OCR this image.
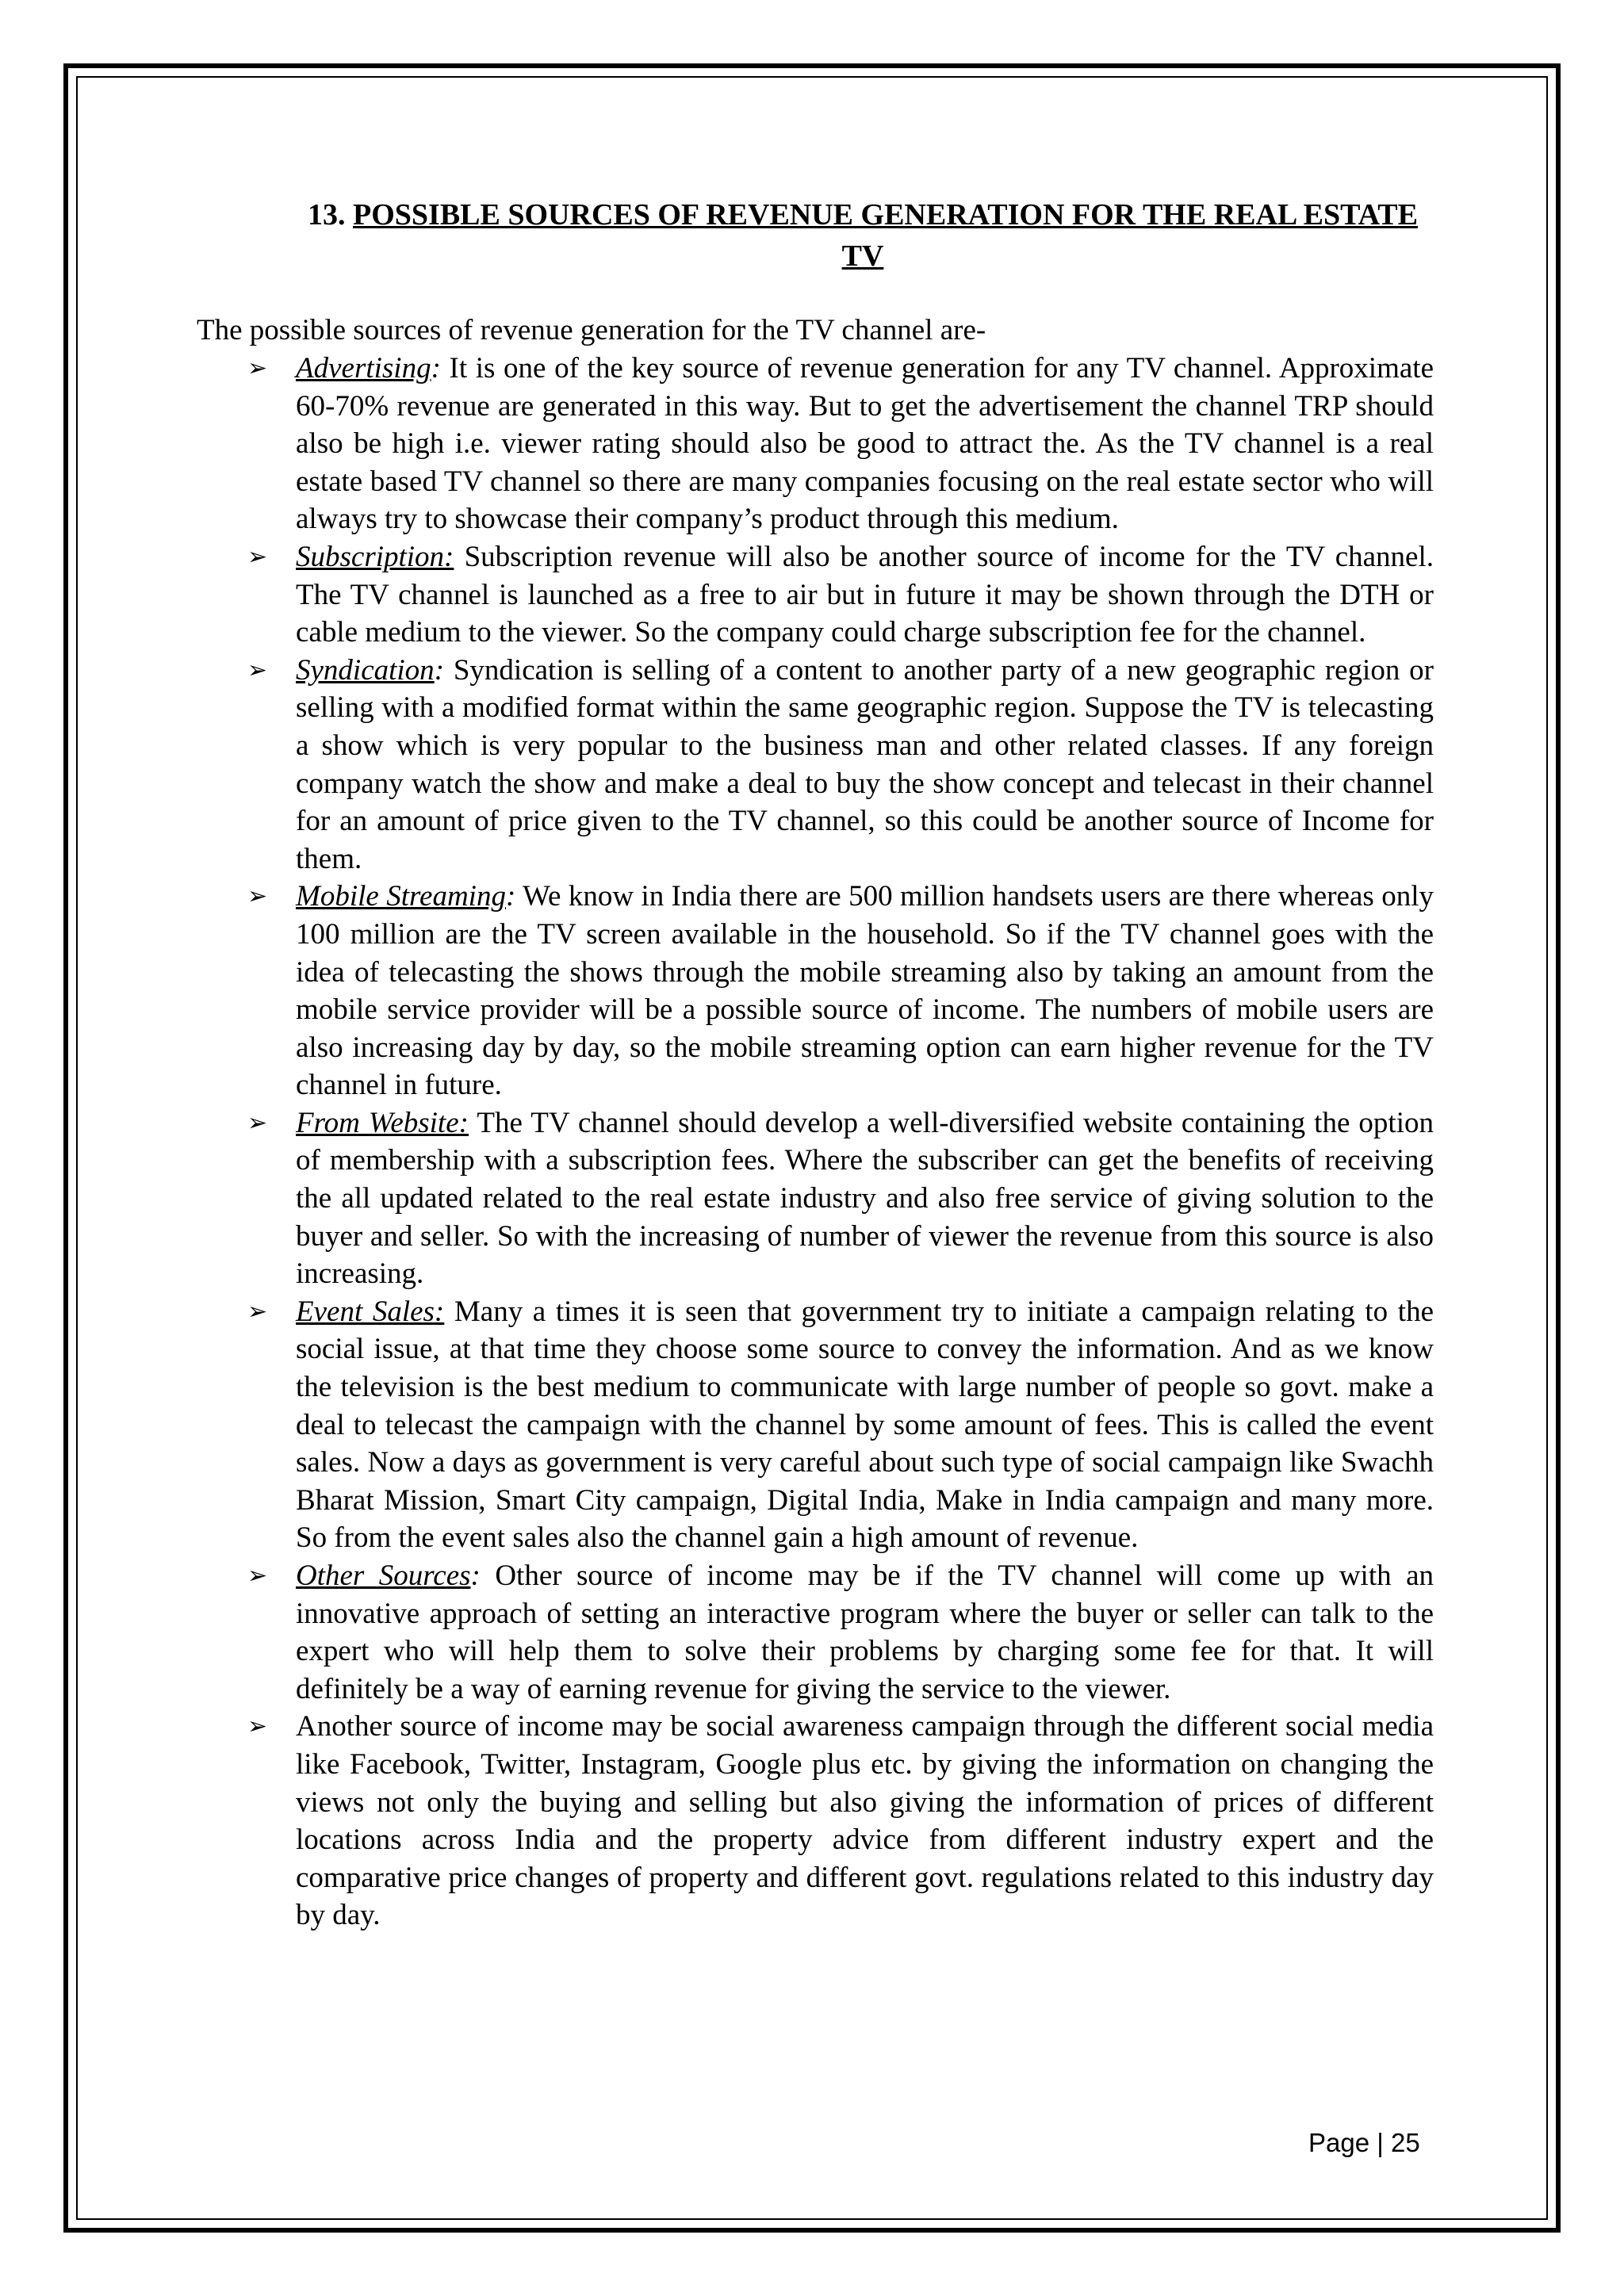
13. POSSIBLE SOURCES OF REVENUE GENERATION FOR THE REAL ESTATE TV

The possible sources of revenue generation for the TV channel are-

➢ Advertising: It is one of the key source of revenue generation for any TV channel. Approximate 60-70% revenue are generated in this way. But to get the advertisement the channel TRP should also be high i.e. viewer rating should also be good to attract the. As the TV channel is a real estate based TV channel so there are many companies focusing on the real estate sector who will always try to showcase their company’s product through this medium.
➢ Subscription: Subscription revenue will also be another source of income for the TV channel. The TV channel is launched as a free to air but in future it may be shown through the DTH or cable medium to the viewer. So the company could charge subscription fee for the channel.
➢ Syndication: Syndication is selling of a content to another party of a new geographic region or selling with a modified format within the same geographic region. Suppose the TV is telecasting a show which is very popular to the business man and other related classes. If any foreign company watch the show and make a deal to buy the show concept and telecast in their channel for an amount of price given to the TV channel, so this could be another source of Income for them.
➢ Mobile Streaming: We know in India there are 500 million handsets users are there whereas only 100 million are the TV screen available in the household. So if the TV channel goes with the idea of telecasting the shows through the mobile streaming also by taking an amount from the mobile service provider will be a possible source of income. The numbers of mobile users are also increasing day by day, so the mobile streaming option can earn higher revenue for the TV channel in future.
➢ From Website: The TV channel should develop a well-diversified website containing the option of membership with a subscription fees. Where the subscriber can get the benefits of receiving the all updated related to the real estate industry and also free service of giving solution to the buyer and seller. So with the increasing of number of viewer the revenue from this source is also increasing.
➢ Event Sales: Many a times it is seen that government try to initiate a campaign relating to the social issue, at that time they choose some source to convey the information. And as we know the television is the best medium to communicate with large number of people so govt. make a deal to telecast the campaign with the channel by some amount of fees. This is called the event sales. Now a days as government is very careful about such type of social campaign like Swachh Bharat Mission, Smart City campaign, Digital India, Make in India campaign and many more. So from the event sales also the channel gain a high amount of revenue.
➢ Other Sources: Other source of income may be if the TV channel will come up with an innovative approach of setting an interactive program where the buyer or seller can talk to the expert who will help them to solve their problems by charging some fee for that. It will definitely be a way of earning revenue for giving the service to the viewer.
➢ Another source of income may be social awareness campaign through the different social media like Facebook, Twitter, Instagram, Google plus etc. by giving the information on changing the views not only the buying and selling but also giving the information of prices of different locations across India and the property advice from different industry expert and the comparative price changes of property and different govt. regulations related to this industry day by day.
Page | 25
